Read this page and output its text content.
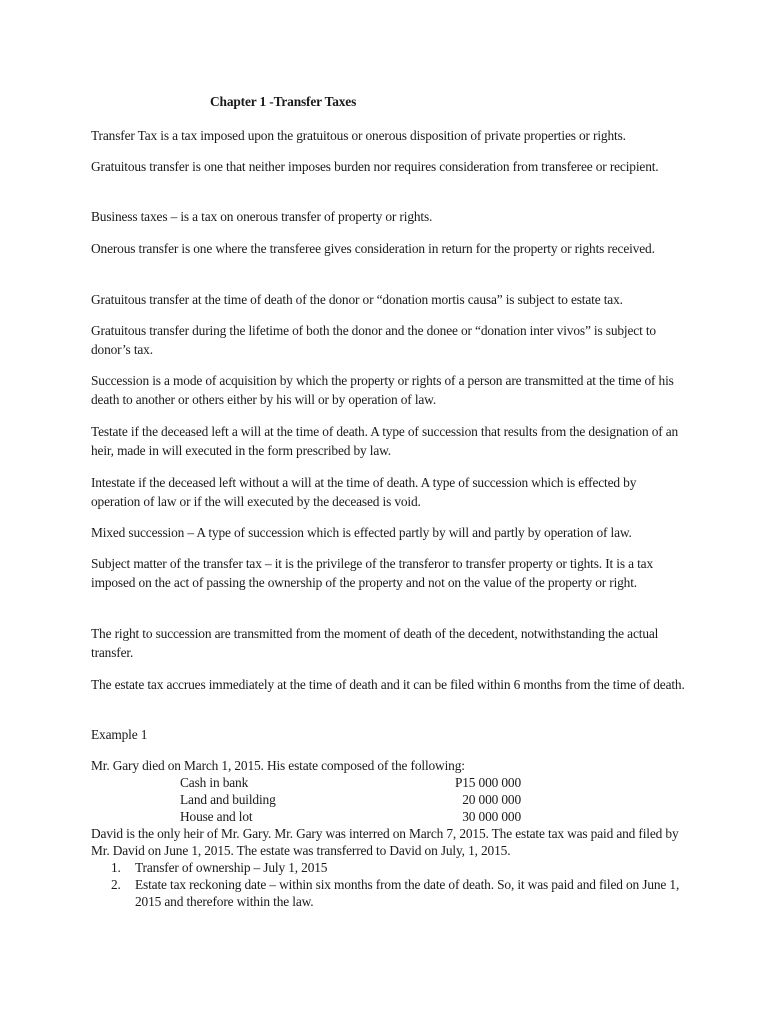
Chapter 1 -Transfer Taxes

Transfer Tax is a tax imposed upon the gratuitous or onerous disposition of private properties or rights.

Gratuitous transfer is one that neither imposes burden nor requires consideration from transferee or recipient.

Business taxes – is a tax on onerous transfer of property or rights.

Onerous transfer is one where the transferee gives consideration in return for the property or rights received.

Gratuitous transfer at the time of death of the donor or “donation mortis causa” is subject to estate tax.

Gratuitous transfer during the lifetime of both the donor and the donee or “donation inter vivos” is subject to donor’s tax.

Succession is a mode of acquisition by which the property or rights of a person are transmitted at the time of his death to another or others either by his will or by operation of law.

Testate if the deceased left a will at the time of death. A type of succession that results from the designation of an heir, made in will executed in the form prescribed by law.

Intestate if the deceased left without a will at the time of death. A type of succession which is effected by operation of law or if the will executed by the deceased is void.

Mixed succession – A type of succession which is effected partly by will and partly by operation of law.

Subject matter of the transfer tax – it is the privilege of the transferor to transfer property or tights. It is a tax imposed on the act of passing the ownership of the property and not on the value of the property or right.

The right to succession are transmitted from the moment of death of the decedent, notwithstanding the actual transfer.

The estate tax accrues immediately at the time of death and it can be filed within 6 months from the time of death.

Example 1

Mr. Gary died on March 1, 2015. His estate composed of the following:
Cash in bank	P15 000 000
Land and building	20 000 000
House and lot	30 000 000
David is the only heir of Mr. Gary. Mr. Gary was interred on March 7, 2015. The estate tax was paid and filed by Mr. David on June 1, 2015. The estate was transferred to David on July, 1, 2015.
1. Transfer of ownership – July 1, 2015
2. Estate tax reckoning date – within six months from the date of death. So, it was paid and filed on June 1, 2015 and therefore within the law.
